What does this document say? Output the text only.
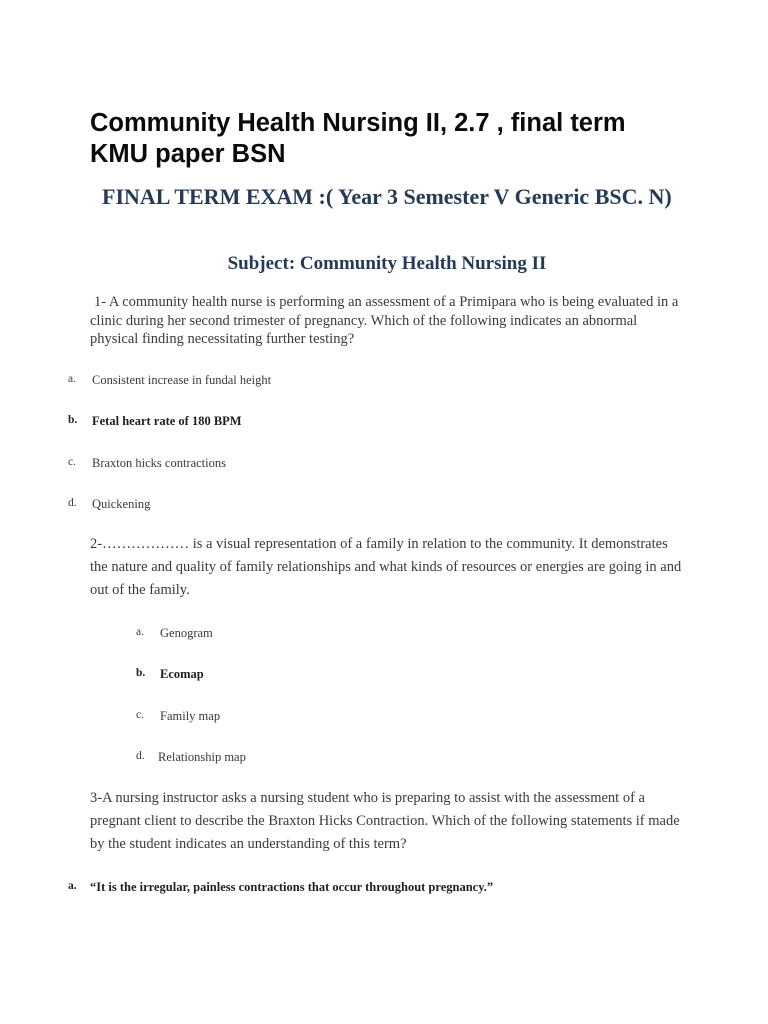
Community Health Nursing II, 2.7 , final term KMU paper BSN
FINAL TERM EXAM :( Year 3 Semester V Generic BSC. N)
Subject: Community Health Nursing II

1- A community health nurse is performing an assessment of a Primipara who is being evaluated in a clinic during her second trimester of pregnancy. Which of the following indicates an abnormal physical finding necessitating further testing?

a. Consistent increase in fundal height
b. Fetal heart rate of 180 BPM
c. Braxton hicks contractions
d. Quickening

2-……………… is a visual representation of a family in relation to the community. It demonstrates the nature and quality of family relationships and what kinds of resources or energies are going in and out of the family.

a. Genogram
b. Ecomap
c. Family map
d. Relationship map

3-A nursing instructor asks a nursing student who is preparing to assist with the assessment of a pregnant client to describe the Braxton Hicks Contraction. Which of the following statements if made by the student indicates an understanding of this term?

a. “It is the irregular, painless contractions that occur throughout pregnancy.”
